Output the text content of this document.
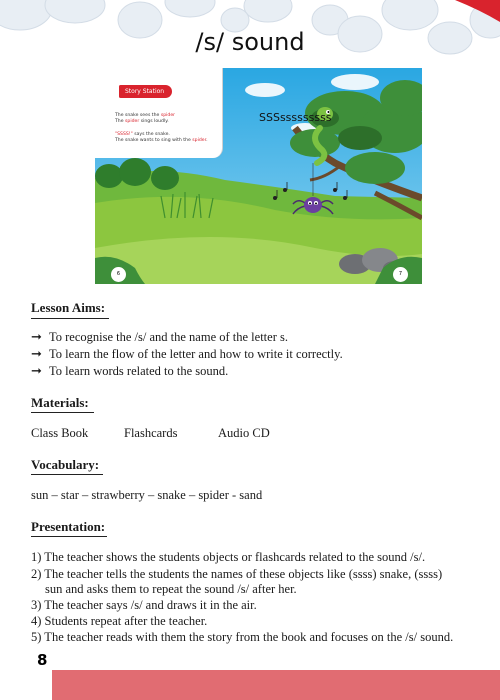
/s/ sound
Story Station
The snake sees the spider
The spider sings loudly.

"SSSS!" says the snake.
The snake wants to sing with the spider.
SSSsssssssss
6	7
Lesson Aims:
➞ To recognise the /s/ and the name of the letter s.
➞ To learn the flow of the letter and how to write it correctly.
➞ To learn words related to the sound.
Materials:
Class Book	Flashcards	Audio CD
Vocabulary:
sun – star – strawberry – snake – spider - sand
Presentation:
1) The teacher shows the students objects or flashcards related to the sound /s/.
2) The teacher tells the students the names of these objects like (ssss) snake, (ssss)
sun and asks them to repeat the sound /s/ after her.
3) The teacher says /s/ and draws it in the air.
4) Students repeat after the teacher.
5) The teacher reads with them the story from the book and focuses on the /s/ sound.
8
